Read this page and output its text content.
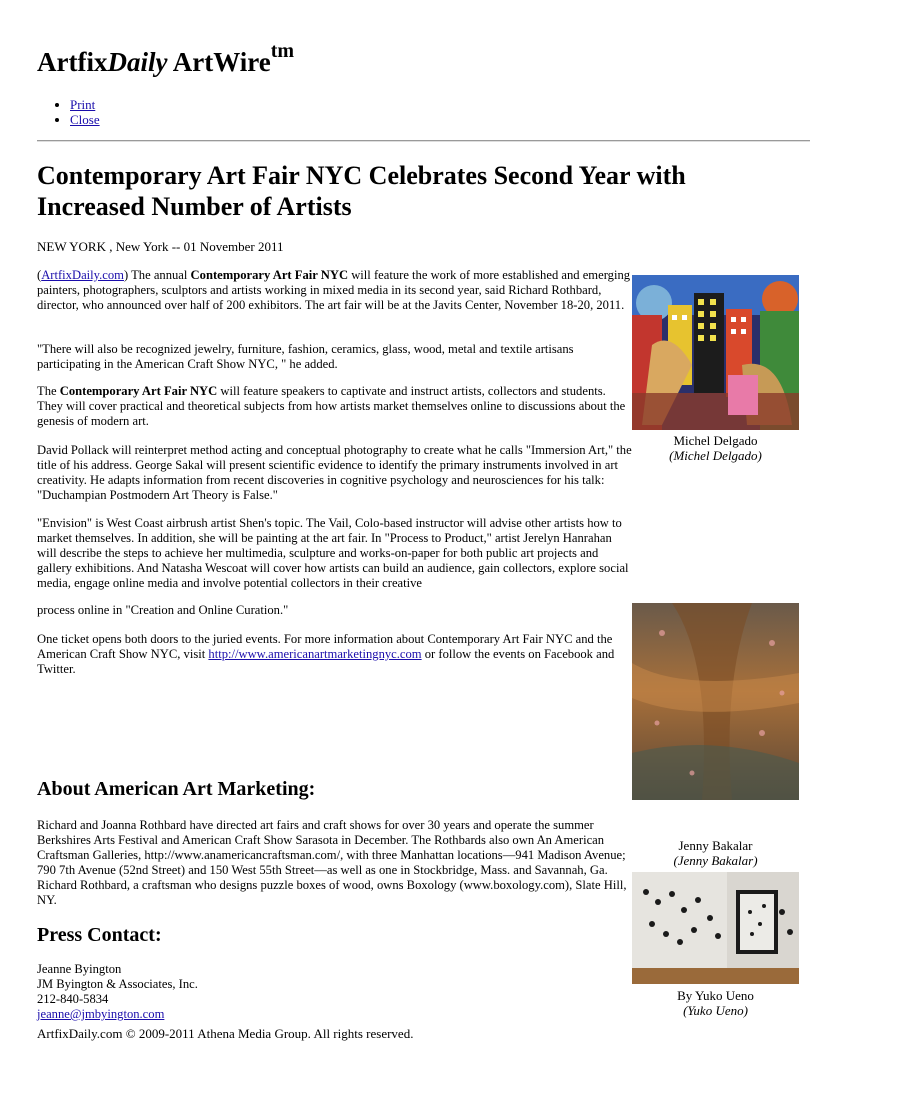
ArtfixDaily ArtWire$^{tm}$
• Print
• Close
Contemporary Art Fair NYC Celebrates Second Year with Increased Number of Artists
NEW YORK , New York -- 01 November 2011

(ArtfixDaily.com) The annual Contemporary Art Fair NYC will feature the work of more established and emerging painters, photographers, sculptors and artists working in mixed media in its second year, said Richard Rothbard, director, who announced over half of 200 exhibitors. The art fair will be at the Javits Center, November 18-20, 2011.

"There will also be recognized jewelry, furniture, fashion, ceramics, glass, wood, metal and textile artisans participating in the American Craft Show NYC, " he added.

The Contemporary Art Fair NYC will feature speakers to captivate and instruct artists, collectors and students. They will cover practical and theoretical subjects from how artists market themselves online to discussions about the genesis of modern art.

David Pollack will reinterpret method acting and conceptual photography to create what he calls "Immersion Art," the title of his address. George Sakal will present scientific evidence to identify the primary instruments involved in art creativity. He adapts information from recent discoveries in cognitive psychology and neurosciences for his talk: "Duchampian Postmodern Art Theory is False."

"Envision" is West Coast airbrush artist Shen's topic. The Vail, Colo-based instructor will advise other artists how to market themselves. In addition, she will be painting at the art fair. In "Process to Product," artist Jerelyn Hanrahan will describe the steps to achieve her multimedia, sculpture and works-on-paper for both public art projects and gallery exhibitions. And Natasha Wescoat will cover how artists can build an audience, gain collectors, explore social media, engage online media and involve potential collectors in their creative

process online in "Creation and Online Curation."

One ticket opens both doors to the juried events. For more information about Contemporary Art Fair NYC and the American Craft Show NYC, visit http://www.americanartmarketingnyc.com or follow the events on Facebook and Twitter.

About American Art Marketing:

Richard and Joanna Rothbard have directed art fairs and craft shows for over 30 years and operate the summer Berkshires Arts Festival and American Craft Show Sarasota in December. The Rothbards also own An American Craftsman Galleries, http://www.anamericancraftsman.com/, with three Manhattan locations—941 Madison Avenue; 790 7th Avenue (52nd Street) and 150 West 55th Street—as well as one in Stockbridge, Mass. and Savannah, Ga. Richard Rothbard, a craftsman who designs puzzle boxes of wood, owns Boxology (www.boxology.com), Slate Hill, NY.

Press Contact:
Jeanne Byington
JM Byington & Associates, Inc.
212-840-5834
jeanne@jmbyington.com
ArtfixDaily.com © 2009-2011 Athena Media Group. All rights reserved.
Michel Delgado
(Michel Delgado)
Jenny Bakalar
(Jenny Bakalar)
By Yuko Ueno
(Yuko Ueno)
